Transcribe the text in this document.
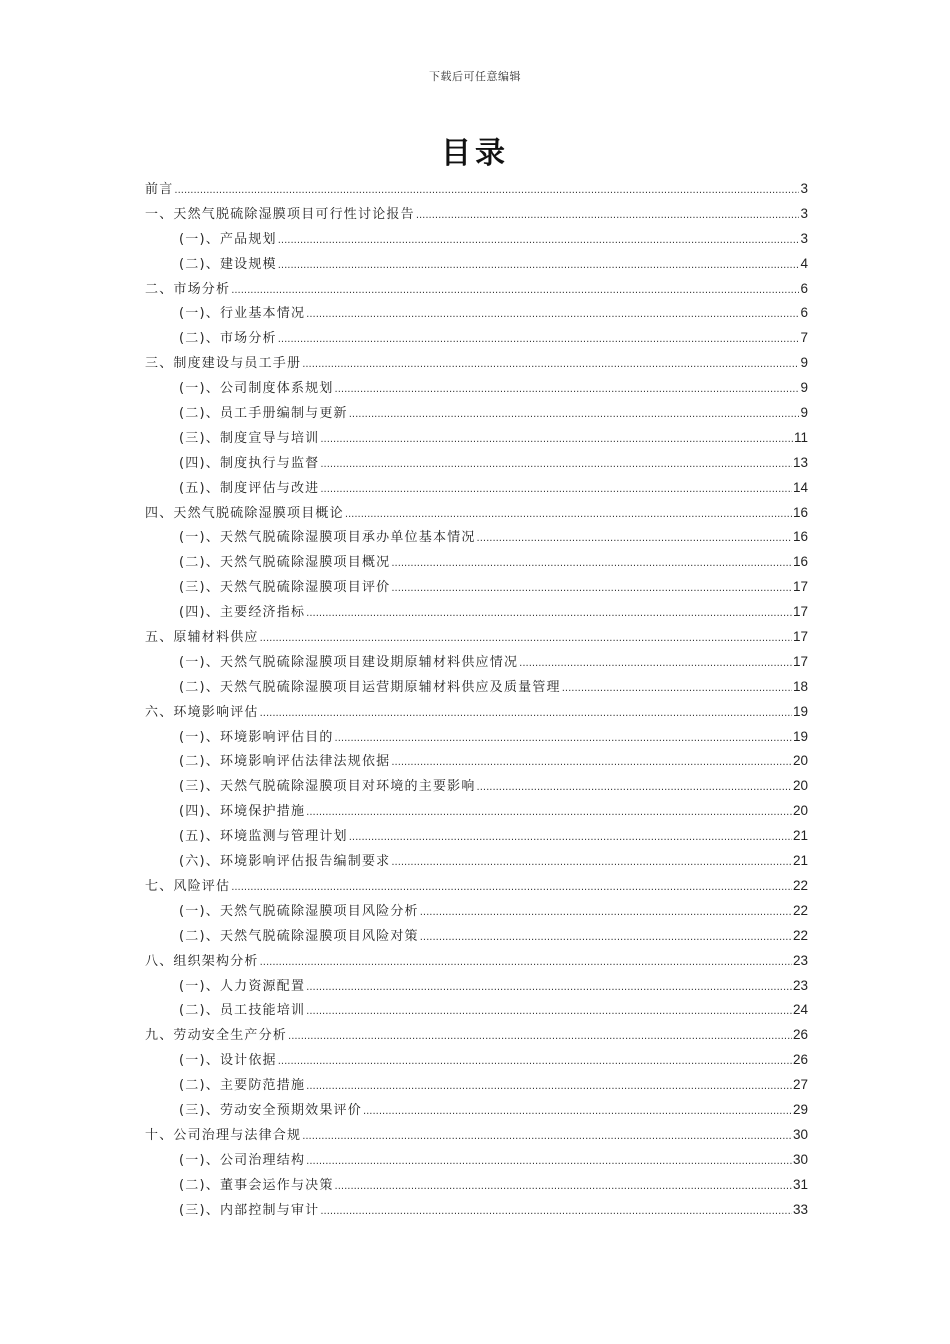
下载后可任意编辑
目录
前言 .....	3
一、天然气脱硫除湿膜项目可行性讨论报告 .....	3
(一)、产品规划 .....	3
(二)、建设规模 .....	4
二、市场分析 .....	6
(一)、行业基本情况 .....	6
(二)、市场分析 .....	7
三、制度建设与员工手册 .....	9
(一)、公司制度体系规划 .....	9
(二)、员工手册编制与更新 .....	9
(三)、制度宣导与培训 .....	11
(四)、制度执行与监督 .....	13
(五)、制度评估与改进 .....	14
四、天然气脱硫除湿膜项目概论 .....	16
(一)、天然气脱硫除湿膜项目承办单位基本情况 .....	16
(二)、天然气脱硫除湿膜项目概况 .....	16
(三)、天然气脱硫除湿膜项目评价 .....	17
(四)、主要经济指标 .....	17
五、原辅材料供应 .....	17
(一)、天然气脱硫除湿膜项目建设期原辅材料供应情况 .....	17
(二)、天然气脱硫除湿膜项目运营期原辅材料供应及质量管理 .....	18
六、环境影响评估 .....	19
(一)、环境影响评估目的 .....	19
(二)、环境影响评估法律法规依据 .....	20
(三)、天然气脱硫除湿膜项目对环境的主要影响 .....	20
(四)、环境保护措施 .....	20
(五)、环境监测与管理计划 .....	21
(六)、环境影响评估报告编制要求 .....	21
七、风险评估 .....	22
(一)、天然气脱硫除湿膜项目风险分析 .....	22
(二)、天然气脱硫除湿膜项目风险对策 .....	22
八、组织架构分析 .....	23
(一)、人力资源配置 .....	23
(二)、员工技能培训 .....	24
九、劳动安全生产分析 .....	26
(一)、设计依据 .....	26
(二)、主要防范措施 .....	27
(三)、劳动安全预期效果评价 .....	29
十、公司治理与法律合规 .....	30
(一)、公司治理结构 .....	30
(二)、董事会运作与决策 .....	31
(三)、内部控制与审计 .....	33
